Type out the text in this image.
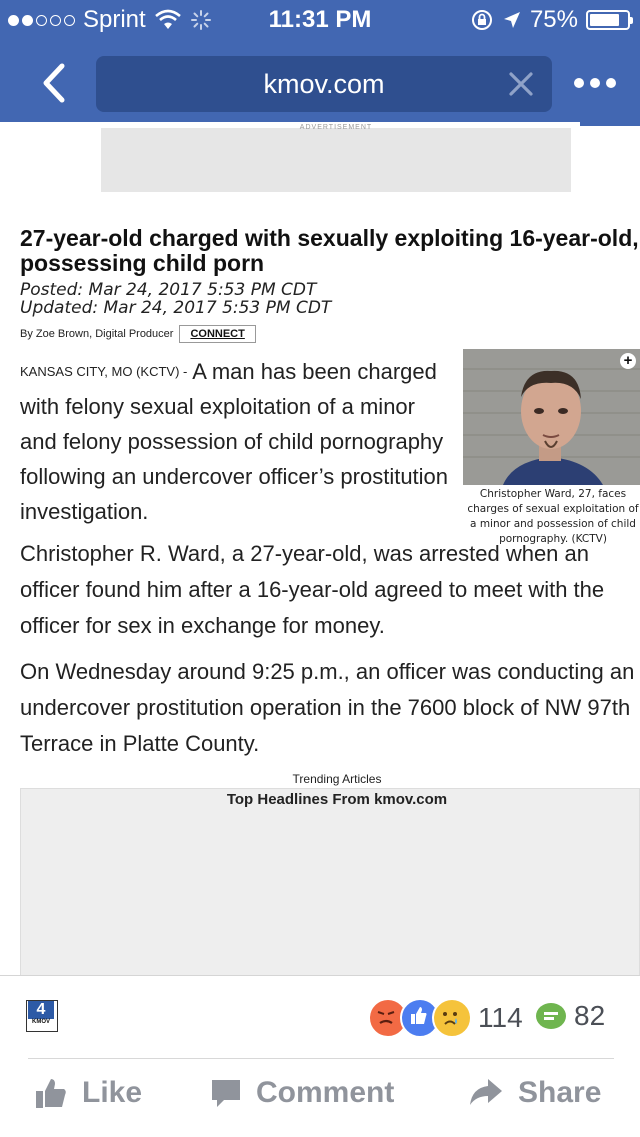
Sprint	11:31 PM	75%
kmov.com
ADVERTISEMENT
27-year-old charged with sexually exploiting 16-year-old, possessing child porn
Posted: Mar 24, 2017 5:53 PM CDT
Updated: Mar 24, 2017 5:53 PM CDT
By Zoe Brown, Digital Producer	CONNECT
KANSAS CITY, MO (KCTV) - A man has been charged with felony sexual exploitation of a minor and felony possession of child pornography following an undercover officer’s prostitution investigation.
+
Christopher Ward, 27, faces charges of sexual exploitation of a minor and possession of child pornography. (KCTV)
Christopher R. Ward, a 27-year-old, was arrested when an officer found him after a 16-year-old agreed to meet with the officer for sex in exchange for money.
On Wednesday around 9:25 p.m., an officer was conducting an undercover prostitution operation in the 7600 block of NW 97th Terrace in Platte County.
Trending Articles
Top Headlines From kmov.com
4
KMOV	114 82
Like	Comment	Share
